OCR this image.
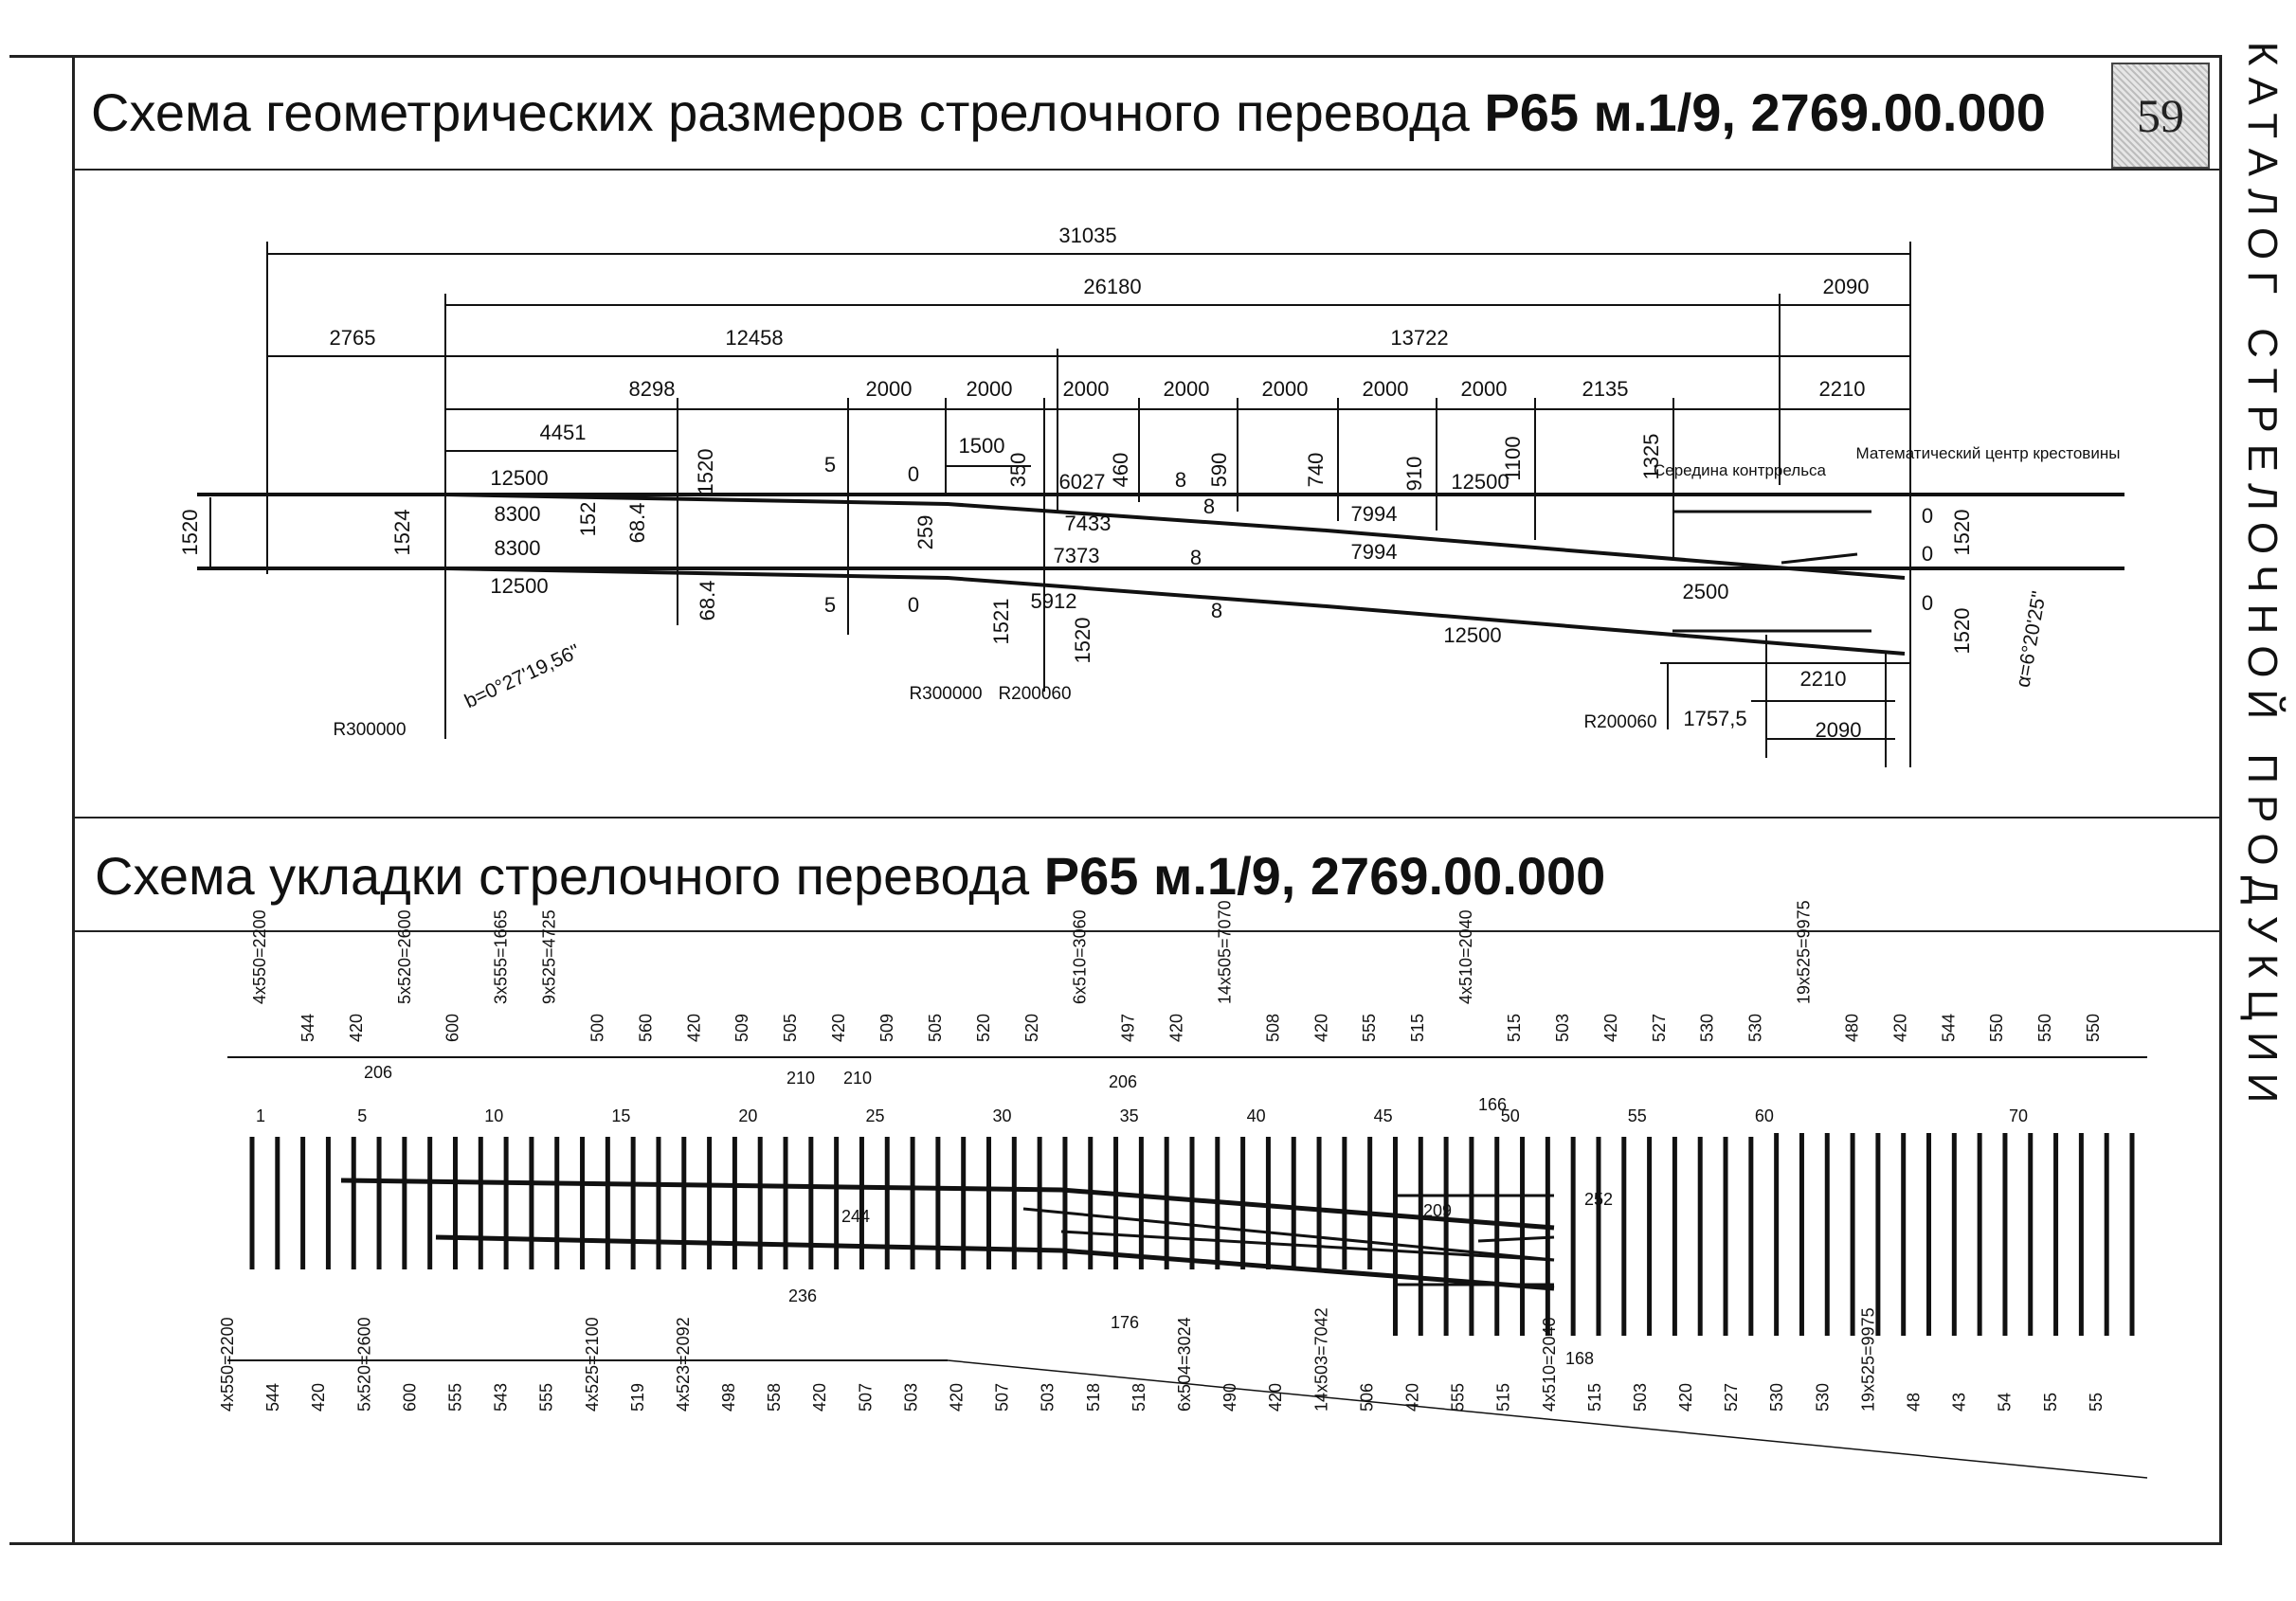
Схема геометрических размеров стрелочного перевода Р65 м.1/9, 2769.00.000
Схема укладки стрелочного перевода Р65 м.1/9, 2769.00.000
59 КАТАЛОГ СТРЕЛОЧНОЙ ПРОДУКЦИИ
31035
26180	2090
2765	12458	13722
8298	2000	2000 2000	2000	2000	2000	2000	2135	2210
4451
1500
1520	5	0	350 6027 460 8 590	740	910 12500
1100	1325
12500
8300 152 68.4	259	7433
8	7994	0 1520
8300	7373	8	7994	0
12500
5	0	5912	8
12500
2500	0
1520
68.4	1521	1520
2210
1757,5	2090
1520	1524
Середина контррельса
Математический центр крестовины
R300000
R300000 R200060
R200060
b=0°27'19,56"	α=6°20'25"
1	5	10	15	20	25	30	35	40	45	50	55	60	70
4x550=2200
544 420
5x520=2600
600
3x555=1665 9x525=4725
500 560 420 509 505 420 509 505 520 520
6x510=3060
497 420
14x505=7070
508 420 555 515
4x510=2040
515 503 420 527 530 530
19x525=9975
480 420 544 550 550 550
4x550=2200 544 420 5x520=2600 600 555 543 555 4x525=2100 519 4x523=2092 498 558 420 507 503 420 507 503 518 518 6x504=3024 490 420 14x503=7042 506 420 555 515 4x510=2040 515 503 420 527 530 530 19x525=9975 48 43 54 55 55
206	210 210	206
166
244	209
252
236
176
168
